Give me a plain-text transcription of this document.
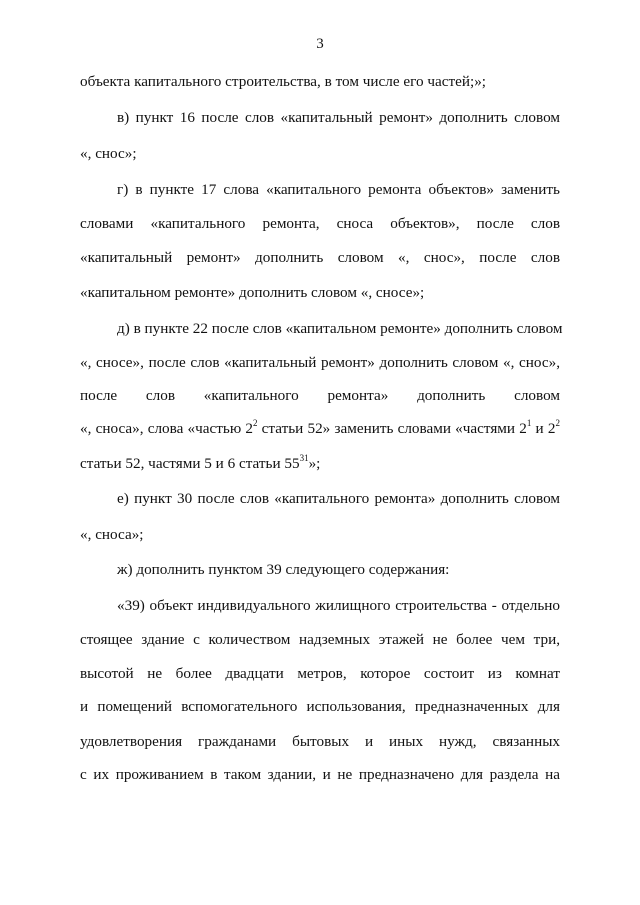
3
объекта капитального строительства, в том числе его частей;»;
в) пункт 16 после слов «капитальный ремонт» дополнить словом
«, снос»;
г) в пункте 17 слова «капитального ремонта объектов» заменить
словами «капитального ремонта, сноса объектов», после слов
«капитальный ремонт» дополнить словом «, снос», после слов
«капитальном ремонте» дополнить словом «, сносе»;
д) в пункте 22 после слов «капитальном ремонте» дополнить словом
«, сносе», после слов «капитальный ремонт» дополнить словом «, снос»,
после слов «капитального ремонта» дополнить словом
«, сноса», слова «частью $2^2$ статьи 52» заменить словами «частями $2^1$ и $2^2$
статьи 52, частями 5 и 6 статьи $55^{31}$»;
е) пункт 30 после слов «капитального ремонта» дополнить словом
«, сноса»;
ж) дополнить пунктом 39 следующего содержания:
«39) объект индивидуального жилищного строительства - отдельно
стоящее здание с количеством надземных этажей не более чем три,
высотой не более двадцати метров, которое состоит из комнат
и помещений вспомогательного использования, предназначенных для
удовлетворения гражданами бытовых и иных нужд, связанных
с их проживанием в таком здании, и не предназначено для раздела на
